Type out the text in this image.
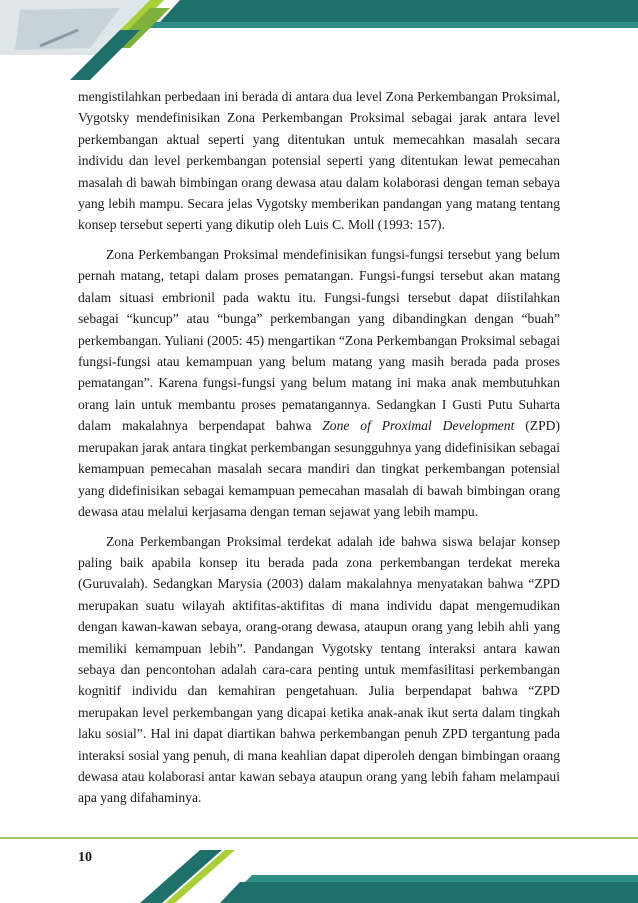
mengistilahkan perbedaan ini berada di antara dua level Zona Perkembangan Proksimal, Vygotsky mendefinisikan Zona Perkembangan Proksimal sebagai jarak antara level perkembangan aktual seperti yang ditentukan untuk memecahkan masalah secara individu dan level perkembangan potensial seperti yang ditentukan lewat pemecahan masalah di bawah bimbingan orang dewasa atau dalam kolaborasi dengan teman sebaya yang lebih mampu. Secara jelas Vygotsky memberikan pandangan yang matang tentang konsep tersebut seperti yang dikutip oleh Luis C. Moll (1993: 157).

Zona Perkembangan Proksimal mendefinisikan fungsi-fungsi tersebut yang belum pernah matang, tetapi dalam proses pematangan. Fungsi-fungsi tersebut akan matang dalam situasi embrionil pada waktu itu. Fungsi-fungsi tersebut dapat diistilahkan sebagai “kuncup” atau “bunga” perkembangan yang dibandingkan dengan “buah” perkembangan. Yuliani (2005: 45) mengartikan “Zona Perkembangan Proksimal sebagai fungsi-fungsi atau kemampuan yang belum matang yang masih berada pada proses pematangan”. Karena fungsi-fungsi yang belum matang ini maka anak membutuhkan orang lain untuk membantu proses pematangannya. Sedangkan I Gusti Putu Suharta dalam makalahnya berpendapat bahwa Zone of Proximal Development (ZPD) merupakan jarak antara tingkat perkembangan sesungguhnya yang didefinisikan sebagai kemampuan pemecahan masalah secara mandiri dan tingkat perkembangan potensial yang didefinisikan sebagai kemampuan pemecahan masalah di bawah bimbingan orang dewasa atau melalui kerjasama dengan teman sejawat yang lebih mampu.

Zona Perkembangan Proksimal terdekat adalah ide bahwa siswa belajar konsep paling baik apabila konsep itu berada pada zona perkembangan terdekat mereka (Guruvalah). Sedangkan Marysia (2003) dalam makalahnya menyatakan bahwa “ZPD merupakan suatu wilayah aktifitas-aktifitas di mana individu dapat mengemudikan dengan kawan-kawan sebaya, orang-orang dewasa, ataupun orang yang lebih ahli yang memiliki kemampuan lebih”. Pandangan Vygotsky tentang interaksi antara kawan sebaya dan pencontohan adalah cara-cara penting untuk memfasilitasi perkembangan kognitif individu dan kemahiran pengetahuan. Julia berpendapat bahwa “ZPD merupakan level perkembangan yang dicapai ketika anak-anak ikut serta dalam tingkah laku sosial”. Hal ini dapat diartikan bahwa perkembangan penuh ZPD tergantung pada interaksi sosial yang penuh, di mana keahlian dapat diperoleh dengan bimbingan oraang dewasa atau kolaborasi antar kawan sebaya ataupun orang yang lebih faham melampaui apa yang difahaminya.

10
